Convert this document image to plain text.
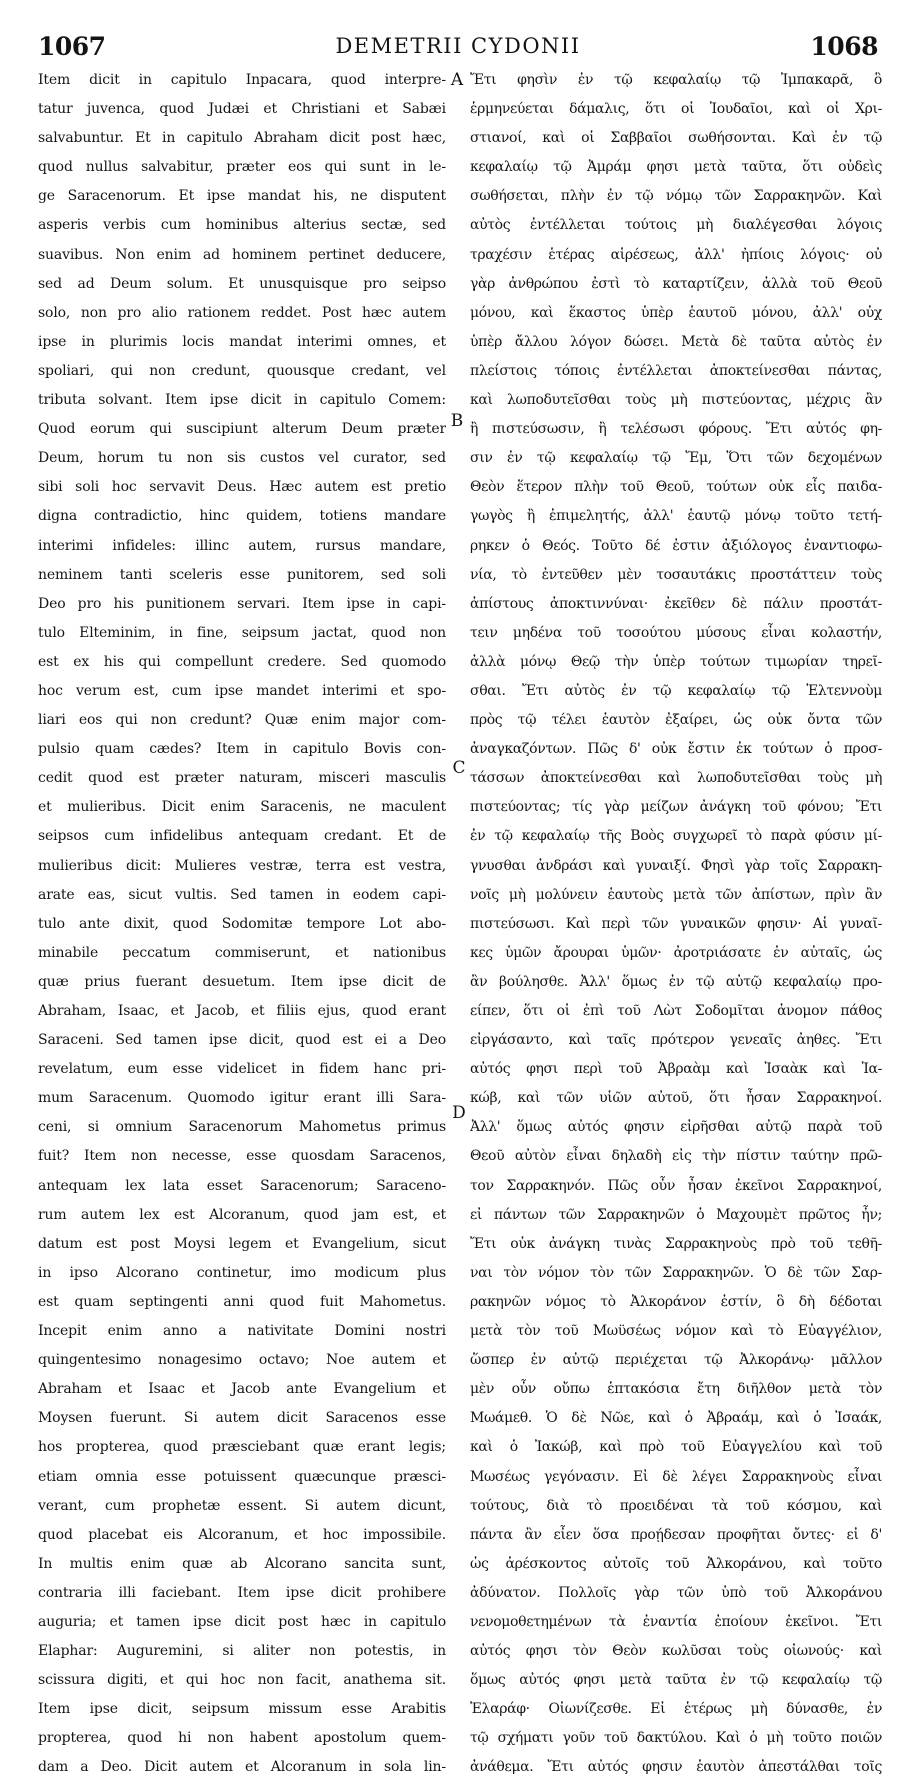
1067	DEMETRII CYDONII	1068
A
B
C
D
Item dicit in capitulo Inpacara, quod interpre-
tatur juvenca, quod Judæi et Christiani et Sabæi
salvabuntur. Et in capitulo Abraham dicit post hæc,
quod nullus salvabitur, præter eos qui sunt in le-
ge Saracenorum. Et ipse mandat his, ne disputent
asperis verbis cum hominibus alterius sectæ, sed
suavibus. Non enim ad hominem pertinet deducere,
sed ad Deum solum. Et unusquisque pro seipso
solo, non pro alio rationem reddet. Post hæc autem
ipse in plurimis locis mandat interimi omnes, et
spoliari, qui non credunt, quousque credant, vel
tributa solvant. Item ipse dicit in capitulo Comem:
Quod eorum qui suscipiunt alterum Deum præter
Deum, horum tu non sis custos vel curator, sed
sibi soli hoc servavit Deus. Hæc autem est pretio
digna contradictio, hinc quidem, totiens mandare
interimi infideles: illinc autem, rursus mandare,
neminem tanti sceleris esse punitorem, sed soli
Deo pro his punitionem servari. Item ipse in capi-
tulo Elteminim, in fine, seipsum jactat, quod non
est ex his qui compellunt credere. Sed quomodo
hoc verum est, cum ipse mandet interimi et spo-
liari eos qui non credunt? Quæ enim major com-
pulsio quam cædes? Item in capitulo Bovis con-
cedit quod est præter naturam, misceri masculis
et mulieribus. Dicit enim Saracenis, ne maculent
seipsos cum infidelibus antequam credant. Et de
mulieribus dicit: Mulieres vestræ, terra est vestra,
arate eas, sicut vultis. Sed tamen in eodem capi-
tulo ante dixit, quod Sodomitæ tempore Lot abo-
minabile peccatum commiserunt, et nationibus
quæ prius fuerant desuetum. Item ipse dicit de
Abraham, Isaac, et Jacob, et filiis ejus, quod erant
Saraceni. Sed tamen ipse dicit, quod est ei a Deo
revelatum, eum esse videlicet in fidem hanc pri-
mum Saracenum. Quomodo igitur erant illi Sara-
ceni, si omnium Saracenorum Mahometus primus
fuit? Item non necesse, esse quosdam Saracenos,
antequam lex lata esset Saracenorum; Saraceno-
rum autem lex est Alcoranum, quod jam est, et
datum est post Moysi legem et Evangelium, sicut
in ipso Alcorano continetur, imo modicum plus
est quam septingenti anni quod fuit Mahometus.
Incepit enim anno a nativitate Domini nostri
quingentesimo nonagesimo octavo; Noe autem et
Abraham et Isaac et Jacob ante Evangelium et
Moysen fuerunt. Si autem dicit Saracenos esse
hos propterea, quod præsciebant quæ erant legis;
etiam omnia esse potuissent quæcunque præsci-
verant, cum prophetæ essent. Si autem dicunt,
quod placebat eis Alcoranum, et hoc impossibile.
In multis enim quæ ab Alcorano sancita sunt,
contraria illi faciebant. Item ipse dicit prohibere
auguria; et tamen ipse dicit post hæc in capitulo
Elaphar: Auguremini, si aliter non potestis, in
scissura digiti, et qui hoc non facit, anathema sit.
Item ipse dicit, seipsum missum esse Arabitis
propterea, quod hi non habent apostolum quem-
dam a Deo. Dicit autem et Alcoranum in sola lin-
Ἔτι φησὶν ἐν τῷ κεφαλαίῳ τῷ Ἰμπακαρᾶ, ὃ
ἑρμηνεύεται δάμαλις, ὅτι οἱ Ἰουδαῖοι, καὶ οἱ Χρι-
στιανοί, καὶ οἱ Σαββαῖοι σωθήσονται. Καὶ ἐν τῷ
κεφαλαίῳ τῷ Ἀμράμ φησι μετὰ ταῦτα, ὅτι οὐδεὶς
σωθήσεται, πλὴν ἐν τῷ νόμῳ τῶν Σαρρακηνῶν. Καὶ
αὐτὸς ἐντέλλεται τούτοις μὴ διαλέγεσθαι λόγοις
τραχέσιν ἑτέρας αἱρέσεως, ἀλλ' ἠπίοις λόγοις· οὐ
γὰρ ἀνθρώπου ἐστὶ τὸ καταρτίζειν, ἀλλὰ τοῦ Θεοῦ
μόνου, καὶ ἕκαστος ὑπὲρ ἑαυτοῦ μόνου, ἀλλ' οὐχ
ὑπὲρ ἄλλου λόγον δώσει. Μετὰ δὲ ταῦτα αὐτὸς ἐν
πλείστοις τόποις ἐντέλλεται ἀποκτείνεσθαι πάντας,
καὶ λωποδυτεῖσθαι τοὺς μὴ πιστεύοντας, μέχρις ἂν
ἢ πιστεύσωσιν, ἢ τελέσωσι φόρους. Ἔτι αὐτός φη-
σιν ἐν τῷ κεφαλαίῳ τῷ Ἔμ, Ὅτι τῶν δεχομένων
Θεὸν ἕτερον πλὴν τοῦ Θεοῦ, τούτων οὐκ εἶς παιδα-
γωγὸς ἢ ἐπιμελητής, ἀλλ' ἑαυτῷ μόνῳ τοῦτο τετή-
ρηκεν ὁ Θεός. Τοῦτο δέ ἐστιν ἀξιόλογος ἐναντιοφω-
νία, τὸ ἐντεῦθεν μὲν τοσαυτάκις προστάττειν τοὺς
ἀπίστους ἀποκτιννύναι· ἐκεῖθεν δὲ πάλιν προστάτ-
τειν μηδένα τοῦ τοσούτου μύσους εἶναι κολαστήν,
ἀλλὰ μόνῳ Θεῷ τὴν ὑπὲρ τούτων τιμωρίαν τηρεῖ-
σθαι. Ἔτι αὐτὸς ἐν τῷ κεφαλαίῳ τῷ Ἐλτεννοὺμ
πρὸς τῷ τέλει ἑαυτὸν ἐξαίρει, ὡς οὐκ ὄντα τῶν
ἀναγκαζόντων. Πῶς δ' οὐκ ἔστιν ἐκ τούτων ὁ προσ-
τάσσων ἀποκτείνεσθαι καὶ λωποδυτεῖσθαι τοὺς μὴ
πιστεύοντας; τίς γὰρ μείζων ἀνάγκη τοῦ φόνου; Ἔτι
ἐν τῷ κεφαλαίῳ τῆς Βοὸς συγχωρεῖ τὸ παρὰ φύσιν μί-
γνυσθαι ἀνδράσι καὶ γυναιξί. Φησὶ γὰρ τοῖς Σαρρακη-
νοῖς μὴ μολύνειν ἑαυτοὺς μετὰ τῶν ἀπίστων, πρὶν ἂν
πιστεύσωσι. Καὶ περὶ τῶν γυναικῶν φησιν· Αἱ γυναῖ-
κες ὑμῶν ἄρουραι ὑμῶν· ἀροτριάσατε ἐν αὐταῖς, ὡς
ἂν βούλησθε. Ἀλλ' ὅμως ἐν τῷ αὐτῷ κεφαλαίῳ προ-
είπεν, ὅτι οἱ ἐπὶ τοῦ Λὼτ Σοδομῖται ἀνομον πάθος
εἰργάσαντο, καὶ ταῖς πρότερον γενεαῖς ἀηθες. Ἔτι
αὐτός φησι περὶ τοῦ Ἀβραὰμ καὶ Ἰσαὰκ καὶ Ἰα-
κώβ, καὶ τῶν υἱῶν αὐτοῦ, ὅτι ἦσαν Σαρρακηνοί.
Ἀλλ' ὅμως αὐτός φησιν εἰρῆσθαι αὐτῷ παρὰ τοῦ
Θεοῦ αὐτὸν εἶναι δηλαδὴ εἰς τὴν πίστιν ταύτην πρῶ-
τον Σαρρακηνόν. Πῶς οὖν ἦσαν ἐκεῖνοι Σαρρακηνοί,
εἰ πάντων τῶν Σαρρακηνῶν ὁ Μαχουμὲτ πρῶτος ἦν;
Ἔτι οὐκ ἀνάγκη τινὰς Σαρρακηνοὺς πρὸ τοῦ τεθῆ-
ναι τὸν νόμον τὸν τῶν Σαρρακηνῶν. Ὁ δὲ τῶν Σαρ-
ρακηνῶν νόμος τὸ Ἀλκοράνον ἐστίν, ὃ δὴ δέδοται
μετὰ τὸν τοῦ Μωϋσέως νόμον καὶ τὸ Εὐαγγέλιον,
ὥσπερ ἐν αὐτῷ περιέχεται τῷ Ἀλκοράνῳ· μᾶλλον
μὲν οὖν οὔπω ἑπτακόσια ἔτη διῆλθον μετὰ τὸν
Μωάμεθ. Ὁ δὲ Νῶε, καὶ ὁ Ἀβραάμ, καὶ ὁ Ἰσαάκ,
καὶ ὁ Ἰακώβ, καὶ πρὸ τοῦ Εὐαγγελίου καὶ τοῦ
Μωσέως γεγόνασιν. Εἰ δὲ λέγει Σαρρακηνοὺς εἶναι
τούτους, διὰ τὸ προειδέναι τὰ τοῦ κόσμου, καὶ
πάντα ἂν εἶεν ὅσα προῄδεσαν προφῆται ὄντες· εἰ δ'
ὡς ἀρέσκοντος αὐτοῖς τοῦ Ἀλκοράνου, καὶ τοῦτο
ἀδύνατον. Πολλοῖς γὰρ τῶν ὑπὸ τοῦ Ἀλκοράνου
νενομοθετημένων τὰ ἐναντία ἐποίουν ἐκεῖνοι. Ἔτι
αὐτός φησι τὸν Θεὸν κωλῦσαι τοὺς οἰωνούς· καὶ
ὅμως αὐτός φησι μετὰ ταῦτα ἐν τῷ κεφαλαίῳ τῷ
Ἐλαράφ· Οἰωνίζεσθε. Εἰ ἑτέρως μὴ δύνασθε, ἐν
τῷ σχήματι γοῦν τοῦ δακτύλου. Καὶ ὁ μὴ τοῦτο ποιῶν
ἀνάθεμα. Ἔτι αὐτός φησιν ἑαυτὸν ἀπεστάλθαι τοῖς
